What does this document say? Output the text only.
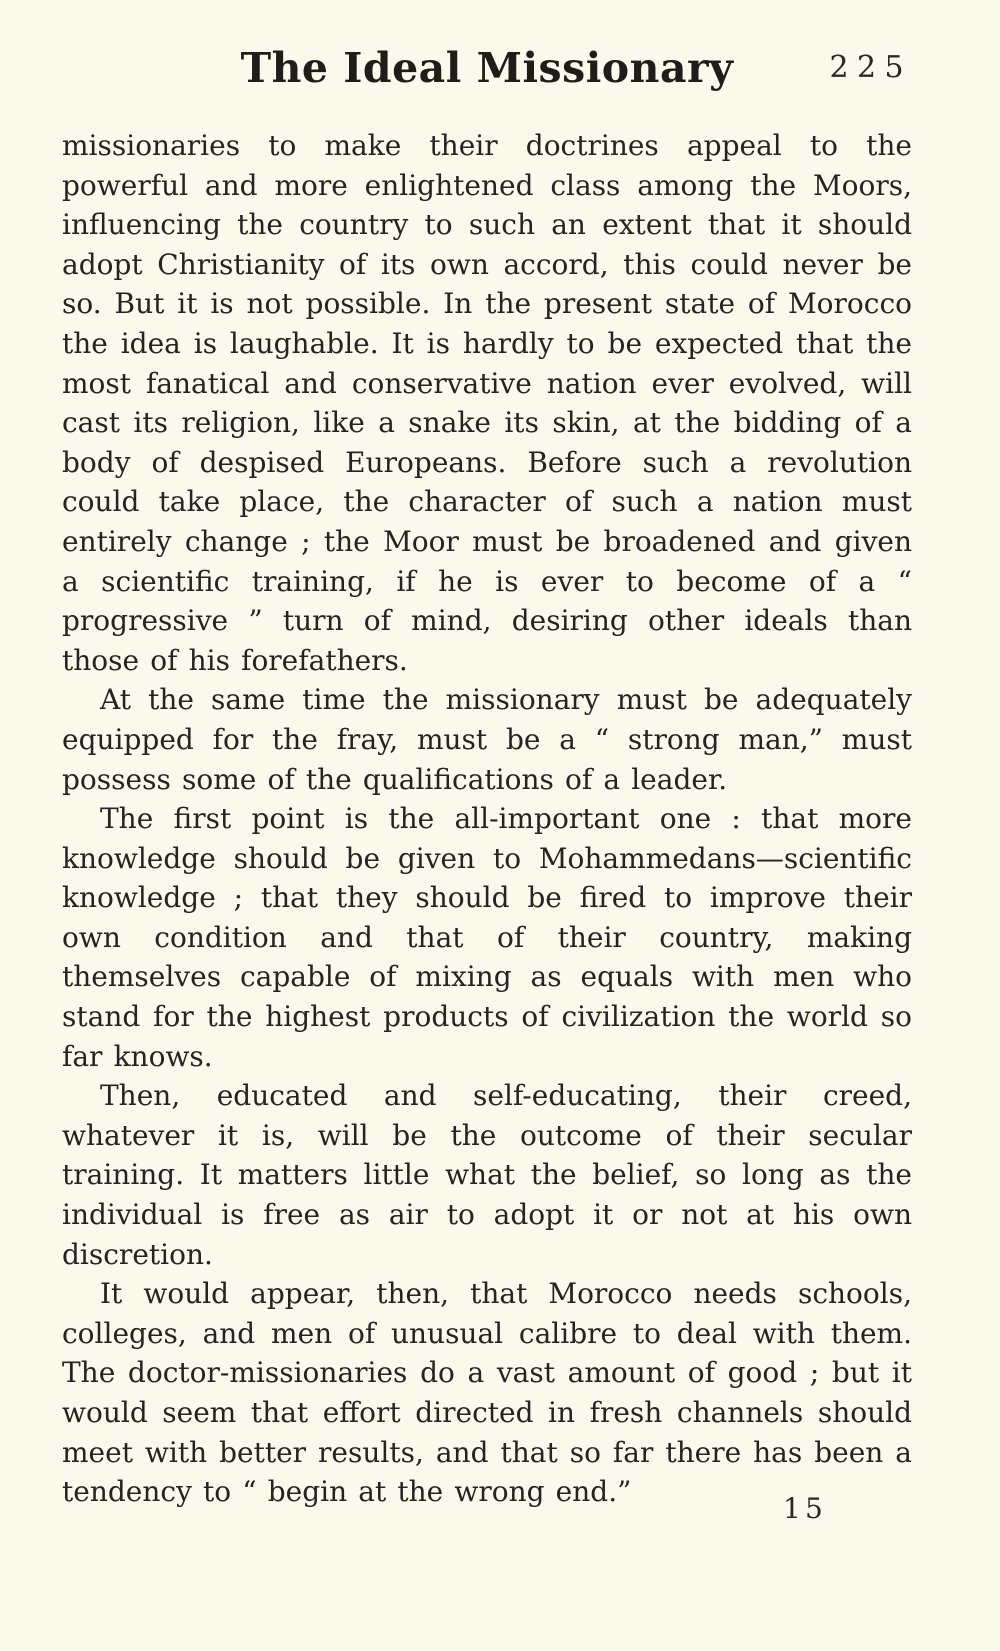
The Ideal Missionary	225

missionaries to make their doctrines appeal to the powerful and more enlightened class among the Moors, influencing the country to such an extent that it should adopt Christianity of its own accord, this could never be so. But it is not possible. In the present state of Morocco the idea is laughable. It is hardly to be expected that the most fanatical and conservative nation ever evolved, will cast its religion, like a snake its skin, at the bidding of a body of despised Europeans. Before such a revolution could take place, the character of such a nation must entirely change ; the Moor must be broadened and given a scientific training, if he is ever to become of a “ progressive ” turn of mind, desiring other ideals than those of his forefathers.

At the same time the missionary must be adequately equipped for the fray, must be a “ strong man,” must possess some of the qualifications of a leader.

The first point is the all-important one : that more knowledge should be given to Mohammedans—scientific knowledge ; that they should be fired to improve their own condition and that of their country, making themselves capable of mixing as equals with men who stand for the highest products of civilization the world so far knows.

Then, educated and self-educating, their creed, whatever it is, will be the outcome of their secular training. It matters little what the belief, so long as the individual is free as air to adopt it or not at his own discretion.

It would appear, then, that Morocco needs schools, colleges, and men of unusual calibre to deal with them. The doctor-missionaries do a vast amount of good ; but it would seem that effort directed in fresh channels should meet with better results, and that so far there has been a tendency to “ begin at the wrong end.”

15
